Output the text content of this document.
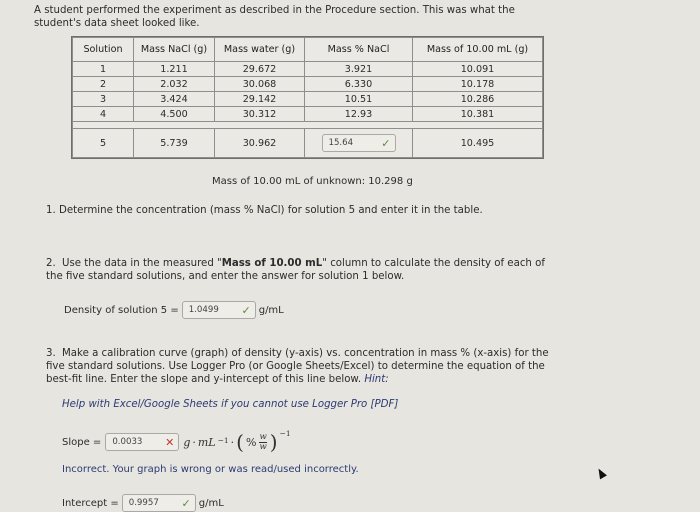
A student performed the experiment as described in the Procedure section. This was what the student's data sheet looked like.
Solution	Mass NaCl (g)	Mass water (g)	Mass % NaCl	Mass of 10.00 mL (g)
1	1.211	29.672	3.921	10.091
2	2.032	30.068	6.330	10.178
3	3.424	29.142	10.51	10.286
4	4.500	30.312	12.93	10.381

5	5.739	30.962	15.64 ✓	10.495
Mass of 10.00 mL of unknown: 10.298 g
1. Determine the concentration (mass % NaCl) for solution 5 and enter it in the table.
2. Use the data in the measured "Mass of 10.00 mL" column to calculate the density of each of the five standard solutions, and enter the answer for solution 1 below.
Density of solution 5 = 1.0499 ✓ g/mL
3. Make a calibration curve (graph) of density (y-axis) vs. concentration in mass % (x-axis) for the five standard solutions. Use Logger Pro (or Google Sheets/Excel) to determine the equation of the best-fit line. Enter the slope and y-intercept of this line below. Hint:
Help with Excel/Google Sheets if you cannot use Logger Pro [PDF]
Slope = 0.0033 ✕ g · mL $^{-1}$ · ( % $\frac{w}{w}$ ) $^{-1}$
Incorrect. Your graph is wrong or was read/used incorrectly.
Intercept = 0.9957 ✓ g/mL
